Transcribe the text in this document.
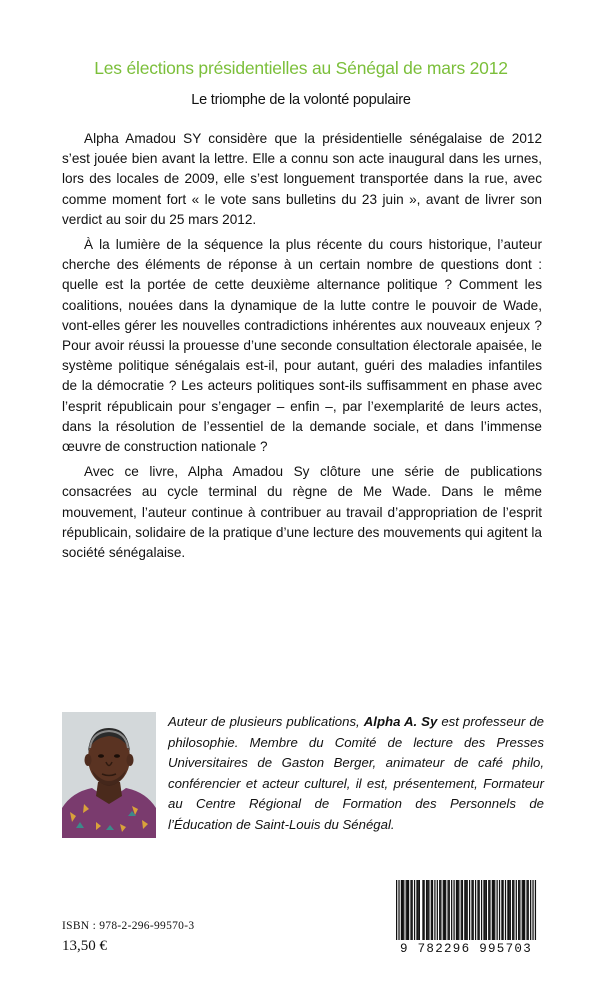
Les élections présidentielles au Sénégal de mars 2012
Le triomphe de la volonté populaire

Alpha Amadou SY considère que la présidentielle sénégalaise de 2012 s’est jouée bien avant la lettre. Elle a connu son acte inaugural dans les urnes, lors des locales de 2009, elle s’est longuement transportée dans la rue, avec comme moment fort « le vote sans bulletins du 23 juin », avant de livrer son verdict au soir du 25 mars 2012.

À la lumière de la séquence la plus récente du cours historique, l’auteur cherche des éléments de réponse à un certain nombre de questions dont : quelle est la portée de cette deuxième alternance politique ? Comment les coalitions, nouées dans la dynamique de la lutte contre le pouvoir de Wade, vont-elles gérer les nouvelles contradictions inhérentes aux nouveaux enjeux ? Pour avoir réussi la prouesse d’une seconde consultation électorale apaisée, le système politique sénégalais est-il, pour autant, guéri des maladies infantiles de la démocratie ? Les acteurs politiques sont-ils suffisamment en phase avec l’esprit républicain pour s’engager – enfin –, par l’exemplarité de leurs actes, dans la résolution de l’essentiel de la demande sociale, et dans l’immense œuvre de construction nationale ?

Avec ce livre, Alpha Amadou Sy clôture une série de publications consacrées au cycle terminal du règne de Me Wade. Dans le même mouvement, l’auteur continue à contribuer au travail d’appropriation de l’esprit républicain, solidaire de la pratique d’une lecture des mouvements qui agitent la société sénégalaise.

Auteur de plusieurs publications, Alpha A. Sy est professeur de philosophie. Membre du Comité de lecture des Presses Universitaires de Gaston Berger, animateur de café philo, conférencier et acteur culturel, il est, présentement, Formateur au Centre Régional de Formation des Personnels de l’Éducation de Saint-Louis du Sénégal.
ISBN : 978-2-296-99570-3
13,50 €	9 782296 995703
